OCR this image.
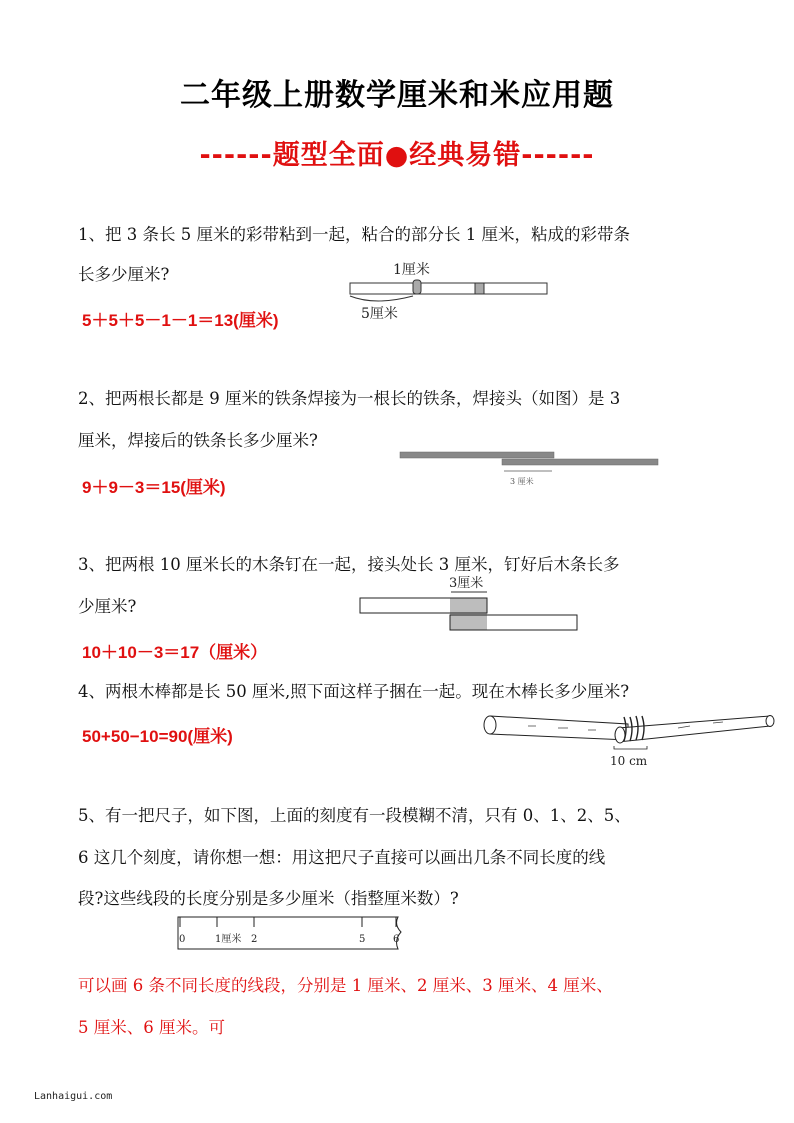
二年级上册数学厘米和米应用题
------题型全面●经典易错------
1、把 3 条长 5 厘米的彩带粘到一起，粘合的部分长 1 厘米，粘成的彩带条
长多少厘米?
5＋5＋5－1－1＝13(厘米)
1厘米
5厘米
2、把两根长都是 9 厘米的铁条焊接为一根长的铁条，焊接头（如图）是 3
厘米，焊接后的铁条长多少厘米?
9＋9－3＝15(厘米)	3 厘米
3、把两根 10 厘米长的木条钉在一起，接头处长 3 厘米，钉好后木条长多
少厘米?
10＋10－3＝17（厘米）
3厘米
4、两根木棒都是长 50 厘米,照下面这样子捆在一起。现在木棒长多少厘米?
50+50−10=90(厘米)
10 cm
5、有一把尺子，如下图，上面的刻度有一段模糊不清，只有 0、1、2、5、
6 这几个刻度，请你想一想：用这把尺子直接可以画出几条不同长度的线
段?这些线段的长度分别是多少厘米（指整厘米数）?
0	1厘米 2	5	6
可以画 6 条不同长度的线段，分别是 1 厘米、2 厘米、3 厘米、4 厘米、
5 厘米、6 厘米。可
Lanhaigui.com
